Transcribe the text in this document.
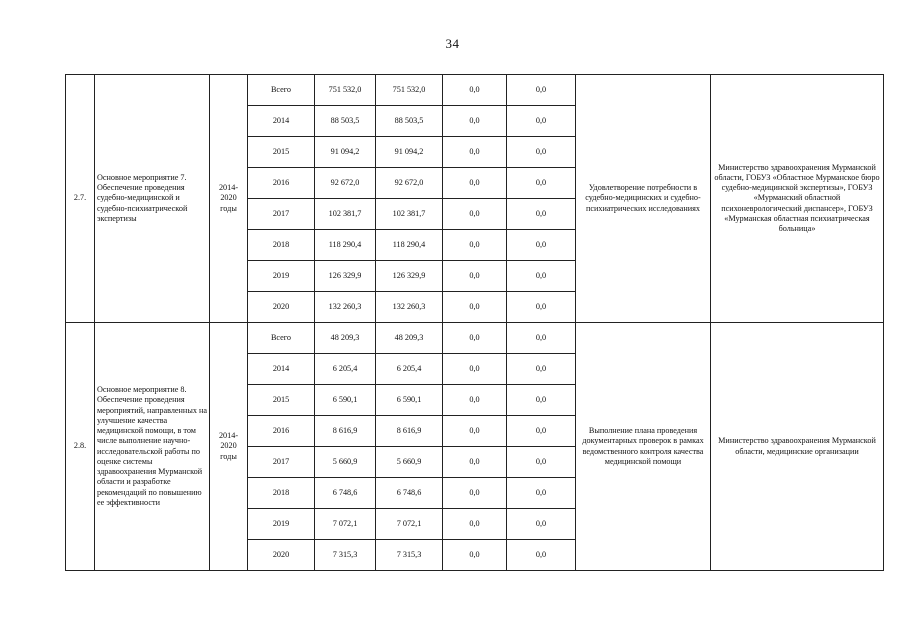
34
2.7.	Основное мероприятие 7. Обеспечение проведения судебно-медицинской и судебно-психиатрической экспертизы	2014-2020 годы	Всего	751 532,0	751 532,0	0,0	0,0	Удовлетворение потребности в судебно-медицинских и судебно-психиатрических исследованиях	Министерство здравоохранения Мурманской области, ГОБУЗ «Областное Мурманское бюро судебно-медицинской экспертизы», ГОБУЗ «Мурманский областной психоневрологический диспансер», ГОБУЗ «Мурманская областная психиатрическая больница»
			2014	88 503,5	88 503,5	0,0	0,0		
			2015	91 094,2	91 094,2	0,0	0,0		
			2016	92 672,0	92 672,0	0,0	0,0		
			2017	102 381,7	102 381,7	0,0	0,0		
			2018	118 290,4	118 290,4	0,0	0,0		
			2019	126 329,9	126 329,9	0,0	0,0		
			2020	132 260,3	132 260,3	0,0	0,0		
2.8.	Основное мероприятие 8. Обеспечение проведения мероприятий, направленных на улучшение качества медицинской помощи, в том числе выполнение научно-исследовательской работы по оценке системы здравоохранения Мурманской области и разработке рекомендаций по повышению ее эффективности	2014-2020 годы	Всего	48 209,3	48 209,3	0,0	0,0	Выполнение плана проведения документарных проверок в рамках ведомственного контроля качества медицинской помощи	Министерство здравоохранения Мурманской области, медицинские организации
			2014	6 205,4	6 205,4	0,0	0,0		
			2015	6 590,1	6 590,1	0,0	0,0		
			2016	8 616,9	8 616,9	0,0	0,0		
			2017	5 660,9	5 660,9	0,0	0,0		
			2018	6 748,6	6 748,6	0,0	0,0		
			2019	7 072,1	7 072,1	0,0	0,0		
			2020	7 315,3	7 315,3	0,0	0,0		
